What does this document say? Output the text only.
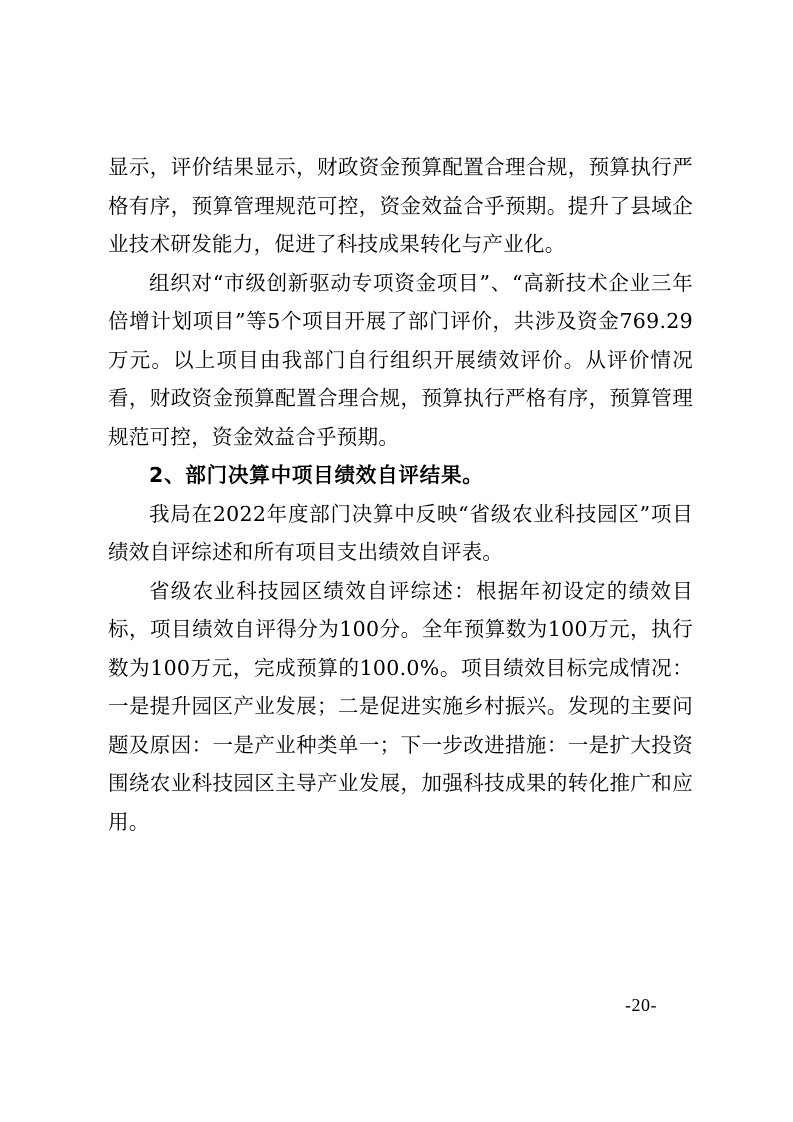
显示，评价结果显示，财政资金预算配置合理合规，预算执行严格有序，预算管理规范可控，资金效益合乎预期。提升了县域企业技术研发能力，促进了科技成果转化与产业化。

组织对“市级创新驱动专项资金项目”、“高新技术企业三年倍增计划项目”等5个项目开展了部门评价，共涉及资金769.29万元。以上项目由我部门自行组织开展绩效评价。从评价情况看，财政资金预算配置合理合规，预算执行严格有序，预算管理规范可控，资金效益合乎预期。

2、部门决算中项目绩效自评结果。

我局在2022年度部门决算中反映“省级农业科技园区”项目绩效自评综述和所有项目支出绩效自评表。

省级农业科技园区绩效自评综述：根据年初设定的绩效目标，项目绩效自评得分为100分。全年预算数为100万元，执行数为100万元，完成预算的100.0%。项目绩效目标完成情况：一是提升园区产业发展；二是促进实施乡村振兴。发现的主要问题及原因：一是产业种类单一；下一步改进措施：一是扩大投资围绕农业科技园区主导产业发展，加强科技成果的转化推广和应用。

-20-
